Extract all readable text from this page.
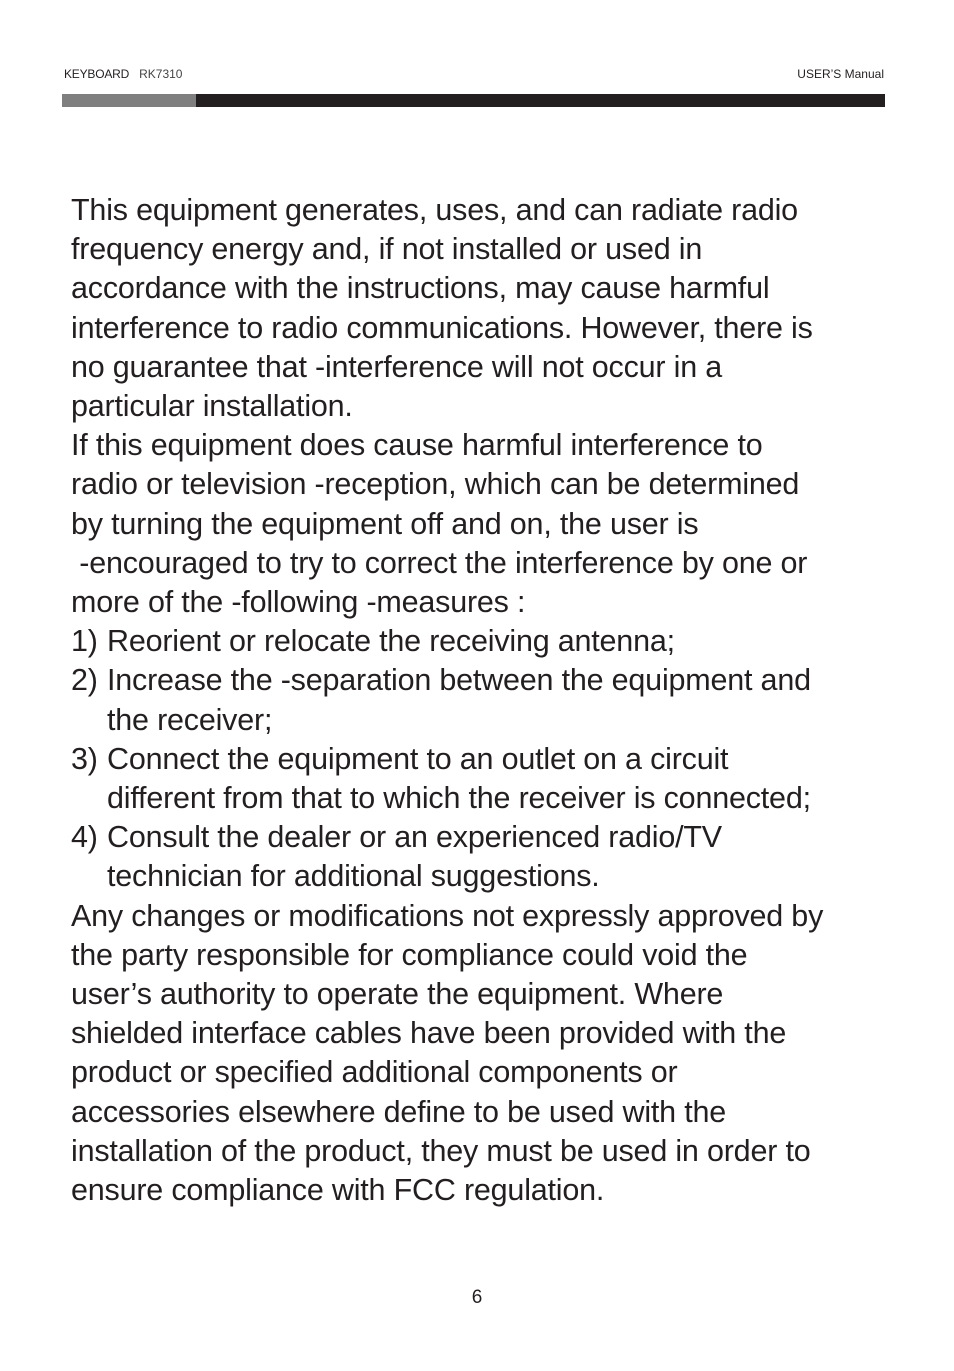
KEYBOARD RK7310	USER’S Manual

This equipment generates, uses, and can radiate radio
frequency energy and, if not installed or used in
accordance with the instructions, may cause harmful
interference to radio communications. However, there is
no guarantee that -interference will not occur in a
particular installation.

If this equipment does cause harmful interference to
radio or television -reception, which can be determined
by turning the equipment off and on, the user is
-encouraged to try to correct the interference by one or
more of the -following -measures :

1) Reorient or relocate the receiving antenna;
2) Increase the -separation between the equipment and
the receiver;
3) Connect the equipment to an outlet on a circuit
different from that to which the receiver is connected;
4) Consult the dealer or an experienced radio/TV
technician for additional suggestions.

Any changes or modifications not expressly approved by
the party responsible for compliance could void the
user’s authority to operate the equipment. Where
shielded interface cables have been provided with the
product or specified additional components or
accessories elsewhere define to be used with the
installation of the product, they must be used in order to
ensure compliance with FCC regulation.

6
